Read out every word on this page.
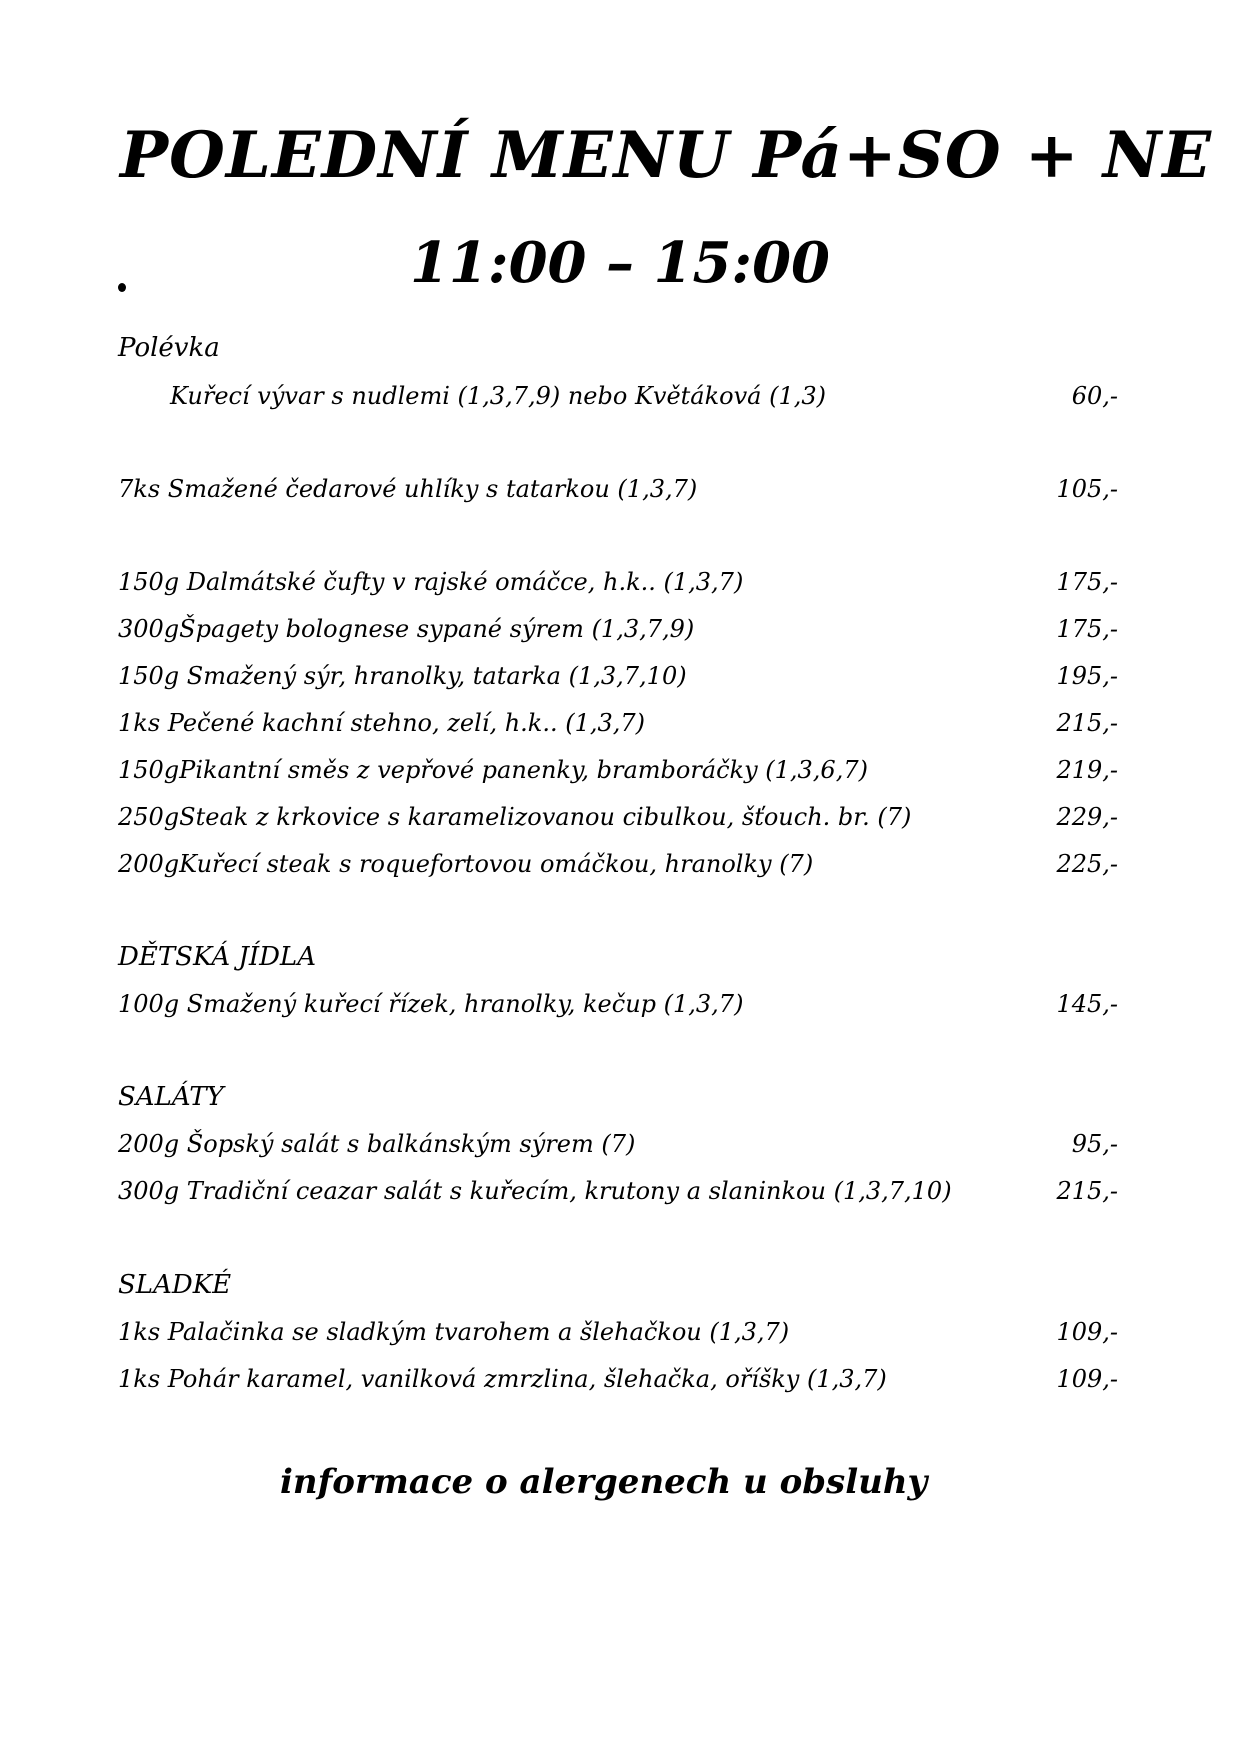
POLEDNÍ MENU Pá+SO + NE
11:00 – 15:00
Polévka
Kuřecí vývar s nudlemi (1,3,7,9) nebo Květáková (1,3)	60,-
7ks Smažené čedarové uhlíky s tatarkou (1,3,7)	105,-
150g Dalmátské čufty v rajské omáčce, h.k.. (1,3,7)	175,-
300gŠpagety bolognese sypané sýrem (1,3,7,9)	175,-
150g Smažený sýr, hranolky, tatarka (1,3,7,10)	195,-
1ks Pečené kachní stehno, zelí, h.k.. (1,3,7)	215,-
150gPikantní směs z vepřové panenky, bramboráčky (1,3,6,7)	219,-
250gSteak z krkovice s karamelizovanou cibulkou, šťouch. br. (7)	229,-
200gKuřecí steak s roquefortovou omáčkou, hranolky (7)	225,-
DĚTSKÁ JÍDLA
100g Smažený kuřecí řízek, hranolky, kečup (1,3,7)	145,-
SALÁTY
200g Šopský salát s balkánským sýrem (7)	95,-
300g Tradiční ceazar salát s kuřecím, krutony a slaninkou (1,3,7,10)	215,-
SLADKÉ
1ks Palačinka se sladkým tvarohem a šlehačkou (1,3,7)	109,-
1ks Pohár karamel, vanilková zmrzlina, šlehačka, oříšky (1,3,7)	109,-
informace o alergenech u obsluhy
